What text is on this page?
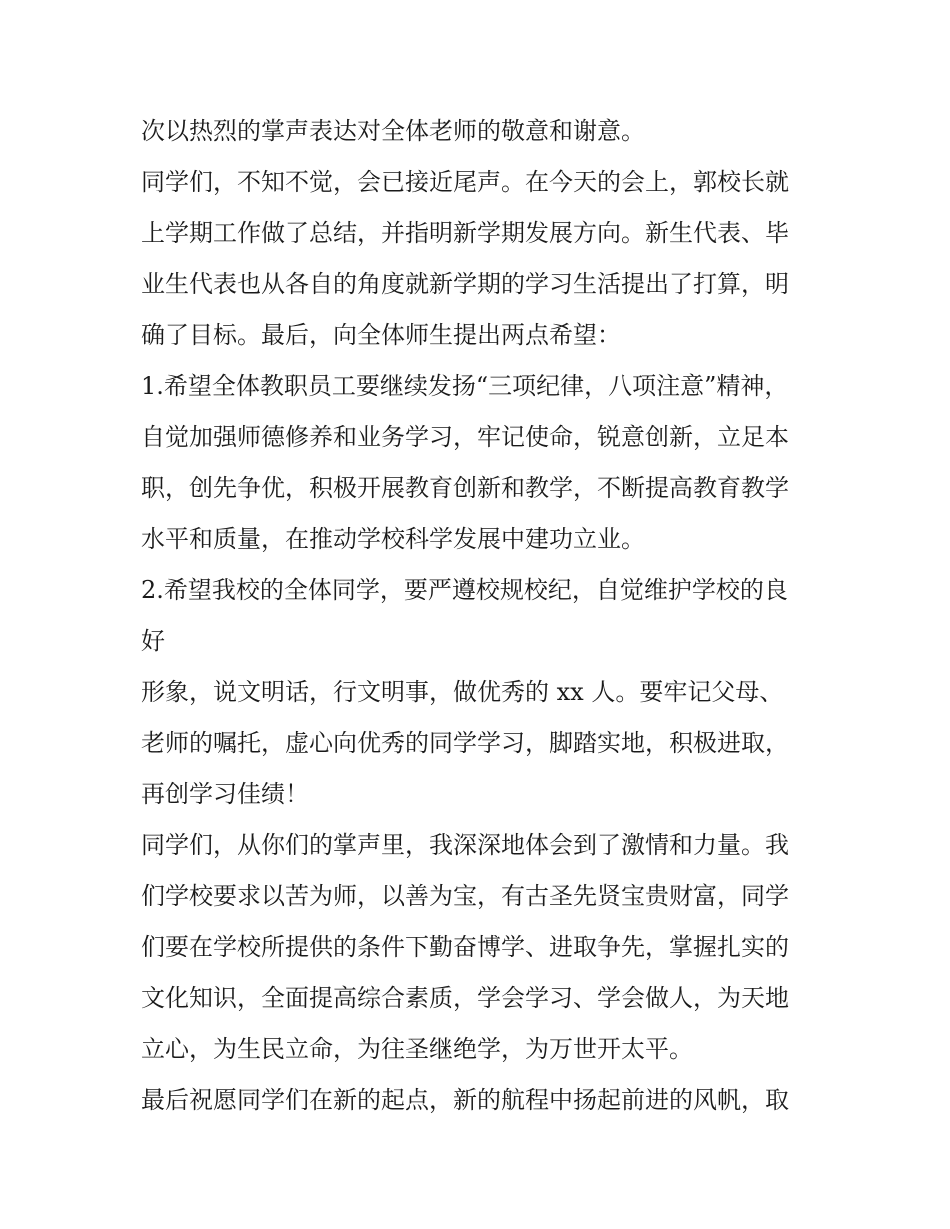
次以热烈的掌声表达对全体老师的敬意和谢意。
同学们，不知不觉，会已接近尾声。在今天的会上，郭校长就
上学期工作做了总结，并指明新学期发展方向。新生代表、毕
业生代表也从各自的角度就新学期的学习生活提出了打算，明
确了目标。最后，向全体师生提出两点希望：
1.希望全体教职员工要继续发扬“三项纪律，八项注意”精神，
自觉加强师德修养和业务学习，牢记使命，锐意创新，立足本
职，创先争优，积极开展教育创新和教学，不断提高教育教学
水平和质量，在推动学校科学发展中建功立业。
2.希望我校的全体同学，要严遵校规校纪，自觉维护学校的良
好
形象，说文明话，行文明事，做优秀的 xx 人。要牢记父母、
老师的嘱托，虚心向优秀的同学学习，脚踏实地，积极进取，
再创学习佳绩！
同学们，从你们的掌声里，我深深地体会到了激情和力量。我
们学校要求以苦为师，以善为宝，有古圣先贤宝贵财富，同学
们要在学校所提供的条件下勤奋博学、进取争先，掌握扎实的
文化知识，全面提高综合素质，学会学习、学会做人，为天地
立心，为生民立命，为往圣继绝学，为万世开太平。
最后祝愿同学们在新的起点，新的航程中扬起前进的风帆，取
